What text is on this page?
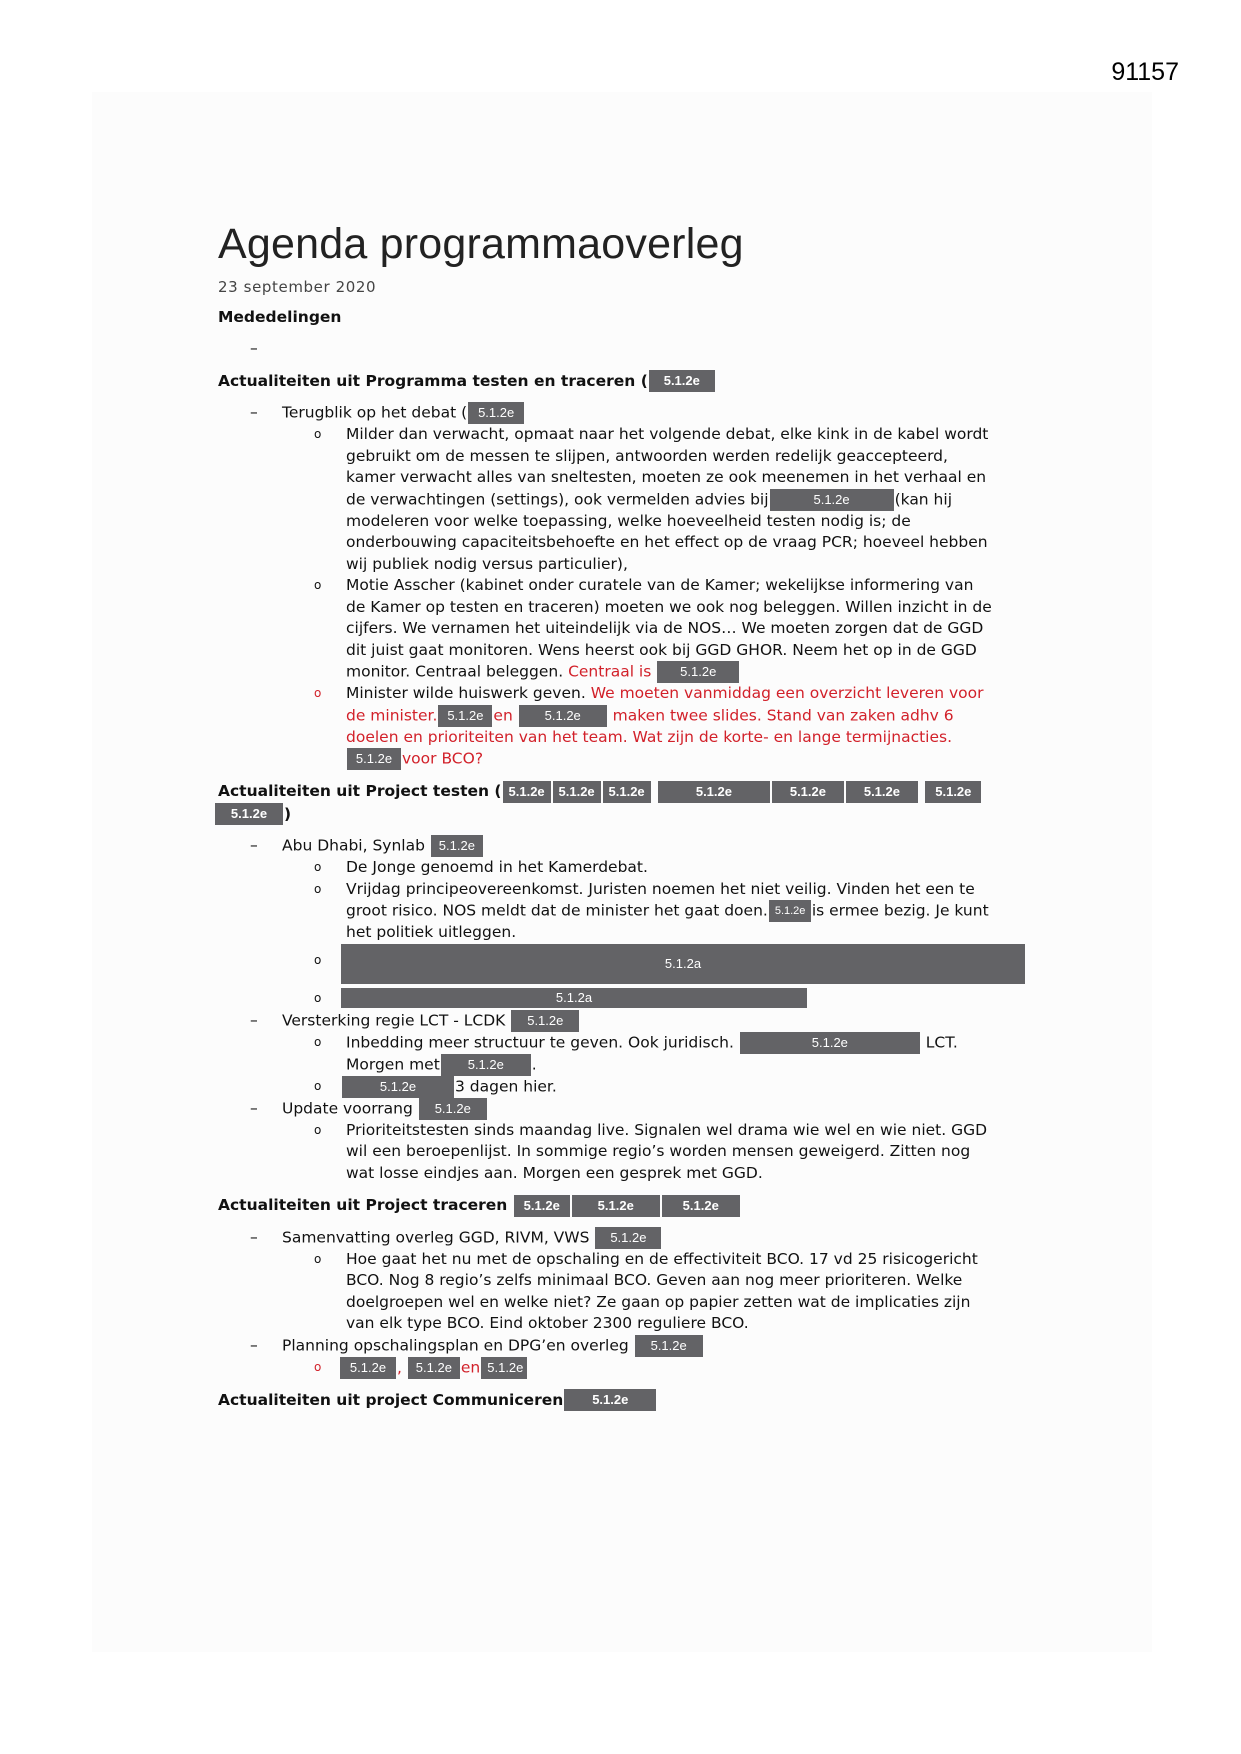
91157
Agenda programmaoverleg
23 september 2020
Mededelingen
–

Actualiteiten uit Programma testen en traceren ( 5.1.2e
– Terugblik op het debat ( 5.1.2e
o Milder dan verwacht, opmaat naar het volgende debat, elke kink in de kabel wordt
gebruikt om de messen te slijpen, antwoorden werden redelijk geaccepteerd,
kamer verwacht alles van sneltesten, moeten ze ook meenemen in het verhaal en
de verwachtingen (settings), ook vermelden advies bij	5.1.2e	(kan hij
modeleren voor welke toepassing, welke hoeveelheid testen nodig is; de
onderbouwing capaciteitsbehoefte en het effect op de vraag PCR; hoeveel hebben
wij publiek nodig versus particulier),
o Motie Asscher (kabinet onder curatele van de Kamer; wekelijkse informering van
de Kamer op testen en traceren) moeten we ook nog beleggen. Willen inzicht in de
cijfers. We vernamen het uiteindelijk via de NOS… We moeten zorgen dat de GGD
dit juist gaat monitoren. Wens heerst ook bij GGD GHOR. Neem het op in de GGD
monitor. Centraal beleggen. Centraal is 5.1.2e
o Minister wilde huiswerk geven. We moeten vanmiddag een overzicht leveren voor
de minister. 5.1.2e en 5.1.2e maken twee slides. Stand van zaken adhv 6
doelen en prioriteiten van het team. Wat zijn de korte- en lange termijnacties.
5.1.2e voor BCO?
Actualiteiten uit Project testen ( 5.1.2e 5.1.2e 5.1.2e	5.1.2e	5.1.2e	5.1.2e	5.1.2e
5.1.2e )
– Abu Dhabi, Synlab 5.1.2e
o De Jonge genoemd in het Kamerdebat.
o Vrijdag principeovereenkomst. Juristen noemen het niet veilig. Vinden het een te
groot risico. NOS meldt dat de minister het gaat doen. 5.1.2e is ermee bezig. Je kunt
het politiek uitleggen.
o	5.1.2a
o	5.1.2a
– Versterking regie LCT - LCDK 5.1.2e
o Inbedding meer structuur te geven. Ook juridisch.	5.1.2e	LCT.
Morgen met 5.1.2e .
o	5.1.2e	3 dagen hier.
– Update voorrang 5.1.2e
o Prioriteitstesten sinds maandag live. Signalen wel drama wie wel en wie niet. GGD
wil een beroepenlijst. In sommige regio’s worden mensen geweigerd. Zitten nog
wat losse eindjes aan. Morgen een gesprek met GGD.
Actualiteiten uit Project traceren 5.1.2e	5.1.2e	5.1.2e
– Samenvatting overleg GGD, RIVM, VWS 5.1.2e
o Hoe gaat het nu met de opschaling en de effectiviteit BCO. 17 vd 25 risicogericht
BCO. Nog 8 regio’s zelfs minimaal BCO. Geven aan nog meer prioriteren. Welke
doelgroepen wel en welke niet? Ze gaan op papier zetten wat de implicaties zijn
van elk type BCO. Eind oktober 2300 reguliere BCO.
– Planning opschalingsplan en DPG’en overleg 5.1.2e
o	5.1.2e , 5.1.2e en 5.1.2e
Actualiteiten uit project Communiceren 5.1.2e
